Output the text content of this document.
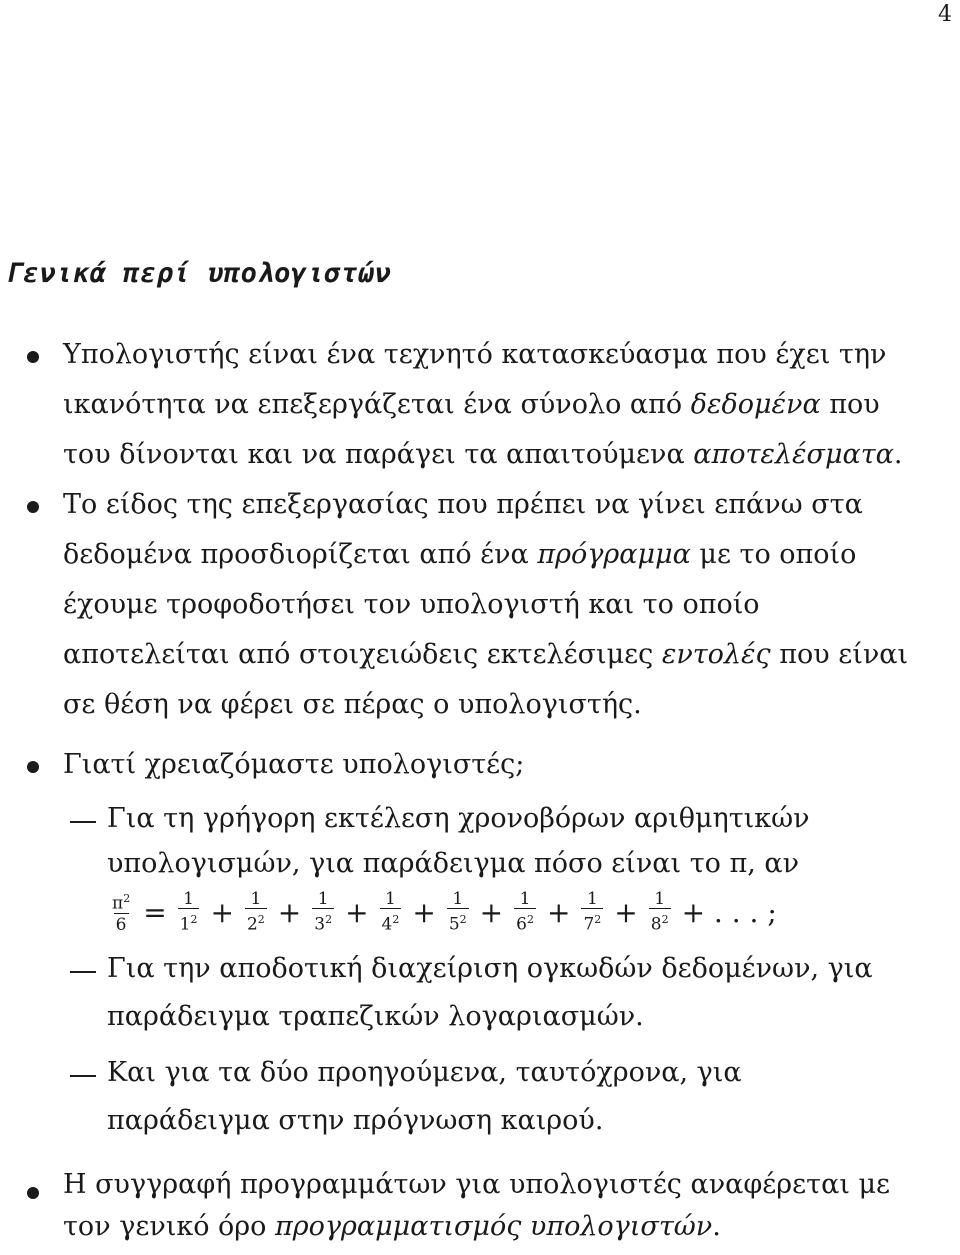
4
Γενικά περί υπολογιστών
Υπολογιστής είναι ένα τεχνητό κατασκεύασμα που έχει την
ικανότητα να επεξεργάζεται ένα σύνολο από δεδομένα που
του δίνονται και να παράγει τα απαιτούμενα αποτελέσματα.
Το είδος της επεξεργασίας που πρέπει να γίνει επάνω στα
δεδομένα προσδιορίζεται από ένα πρόγραμμα με το οποίο
έχουμε τροφοδοτήσει τον υπολογιστή και το οποίο
αποτελείται από στοιχειώδεις εκτελέσιμες εντολές που είναι
σε θέση να φέρει σε πέρας ο υπολογιστής.
Γιατί χρειαζόμαστε υπολογιστές;
Για τη γρήγορη εκτέλεση χρονοβόρων αριθμητικών
υπολογισμών, για παράδειγμα πόσο είναι το π, αν
$\frac{\pi^2}{6} = \frac{1}{1^2} + \frac{1}{2^2} + \frac{1}{3^2} + \frac{1}{4^2} + \frac{1}{5^2} + \frac{1}{6^2} + \frac{1}{7^2} + \frac{1}{8^2}$ + . . . ;
Για την αποδοτική διαχείριση ογκωδών δεδομένων, για
παράδειγμα τραπεζικών λογαριασμών.
Και για τα δύο προηγούμενα, ταυτόχρονα, για
παράδειγμα στην πρόγνωση καιρού.
Η συγγραφή προγραμμάτων για υπολογιστές αναφέρεται με
τον γενικό όρο προγραμματισμός υπολογιστών.
